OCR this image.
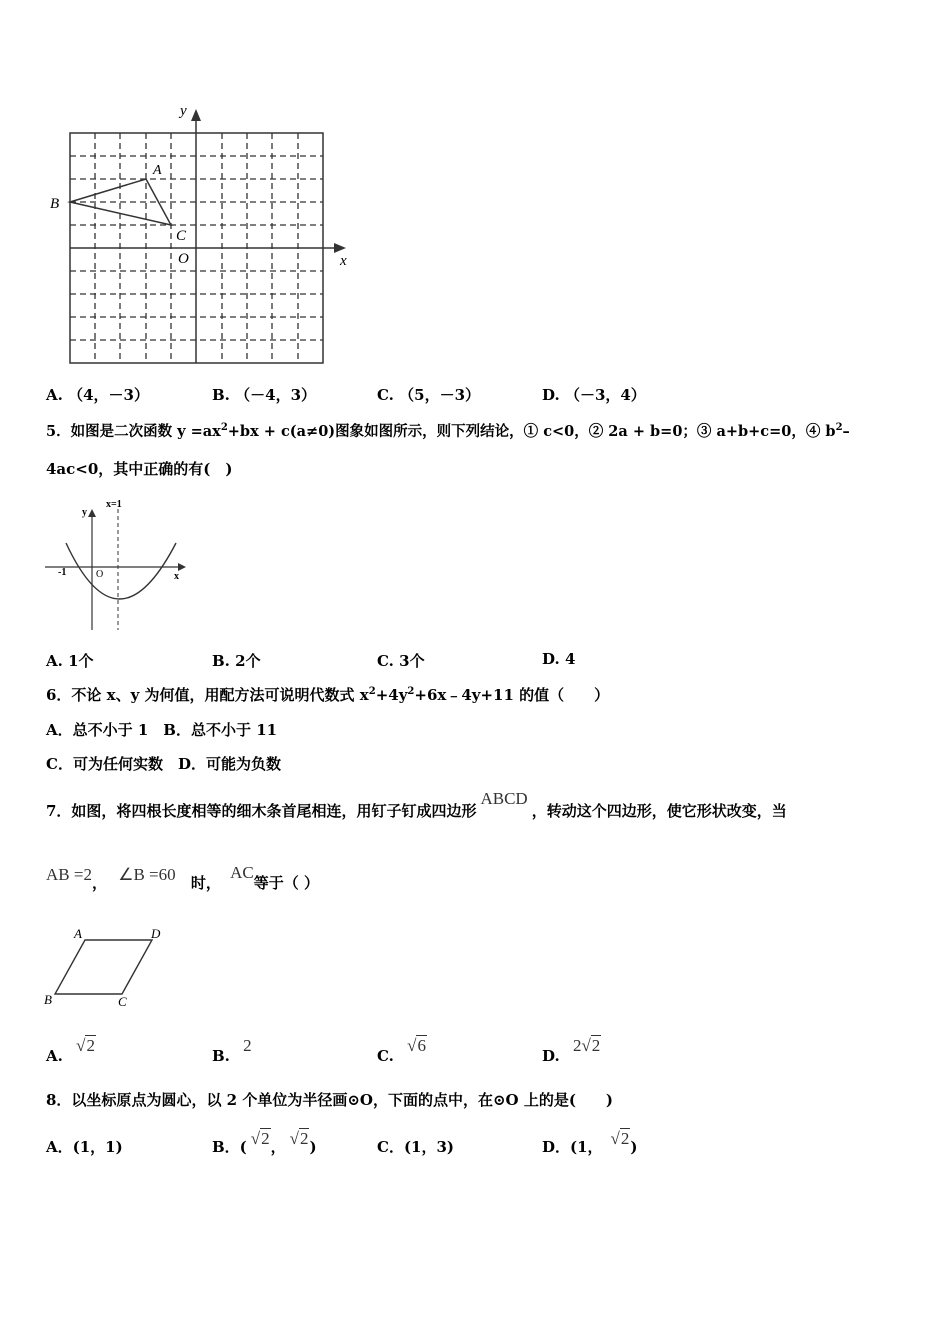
y
x
O
A
B
C
A. （4，－3）	B. （－4，3）	C. （5，－3）	D. （－3，4）
5．如图是二次函数 $y =ax^2+bx + c(a\ne 0)$图象如图所示，则下列结论，① c<0，② 2a + b=0；③ a+b+c=0，④ $b^2-$
4ac<0，其中正确的有(　)
x=1
y
x
O
-1
A. 1个	B. 2个	C. 3个	D. 4
6．不论 x、y 为何值，用配方法可说明代数式 $x^2+4y^2+6x﹣4y+11$ 的值（　　）
A．总不小于 1　B．总不小于 11
C．可为任何实数　D．可能为负数
7．如图，将四根长度相等的细木条首尾相连，用钉子钉成四边形ABCD，转动这个四边形，使它形状改变，当
AB =2， ∠B =60 时， AC等于（ ）
A	D
B	C
A. √2
B. 2
C. √6
D. 2√2
8．以坐标原点为圆心，以 2 个单位为半径画⊙O，下面的点中，在⊙O 上的是(　　)
A．(1，1)	B．( √2， √2)	C．(1，3)	D．(1， √2)
